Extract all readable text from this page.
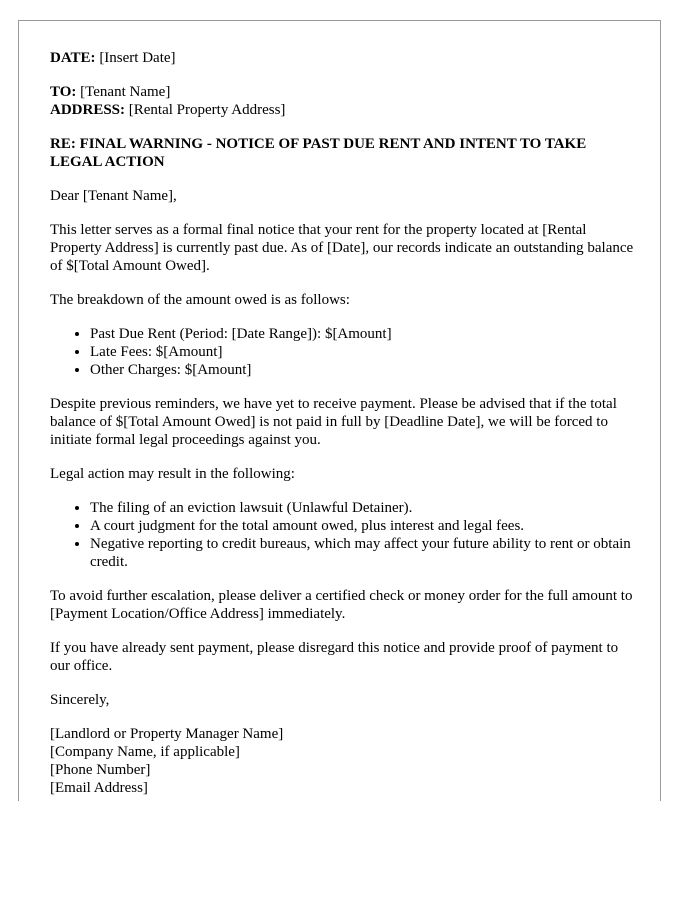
DATE: [Insert Date]

TO: [Tenant Name]

ADDRESS: [Rental Property Address]

RE: FINAL WARNING - NOTICE OF PAST DUE RENT AND INTENT TO TAKE LEGAL ACTION

Dear [Tenant Name],

This letter serves as a formal final notice that your rent for the property located at [Rental Property Address] is currently past due. As of [Date], our records indicate an outstanding balance of $[Total Amount Owed].

The breakdown of the amount owed is as follows:

• Past Due Rent (Period: [Date Range]): $[Amount]
• Late Fees: $[Amount]
• Other Charges: $[Amount]

Despite previous reminders, we have yet to receive payment. Please be advised that if the total balance of $[Total Amount Owed] is not paid in full by [Deadline Date], we will be forced to initiate formal legal proceedings against you.

Legal action may result in the following:

• The filing of an eviction lawsuit (Unlawful Detainer).
• A court judgment for the total amount owed, plus interest and legal fees.
• Negative reporting to credit bureaus, which may affect your future ability to rent or obtain credit.

To avoid further escalation, please deliver a certified check or money order for the full amount to [Payment Location/Office Address] immediately.

If you have already sent payment, please disregard this notice and provide proof of payment to our office.

Sincerely,

[Landlord or Property Manager Name]

[Company Name, if applicable]

[Phone Number]

[Email Address]
